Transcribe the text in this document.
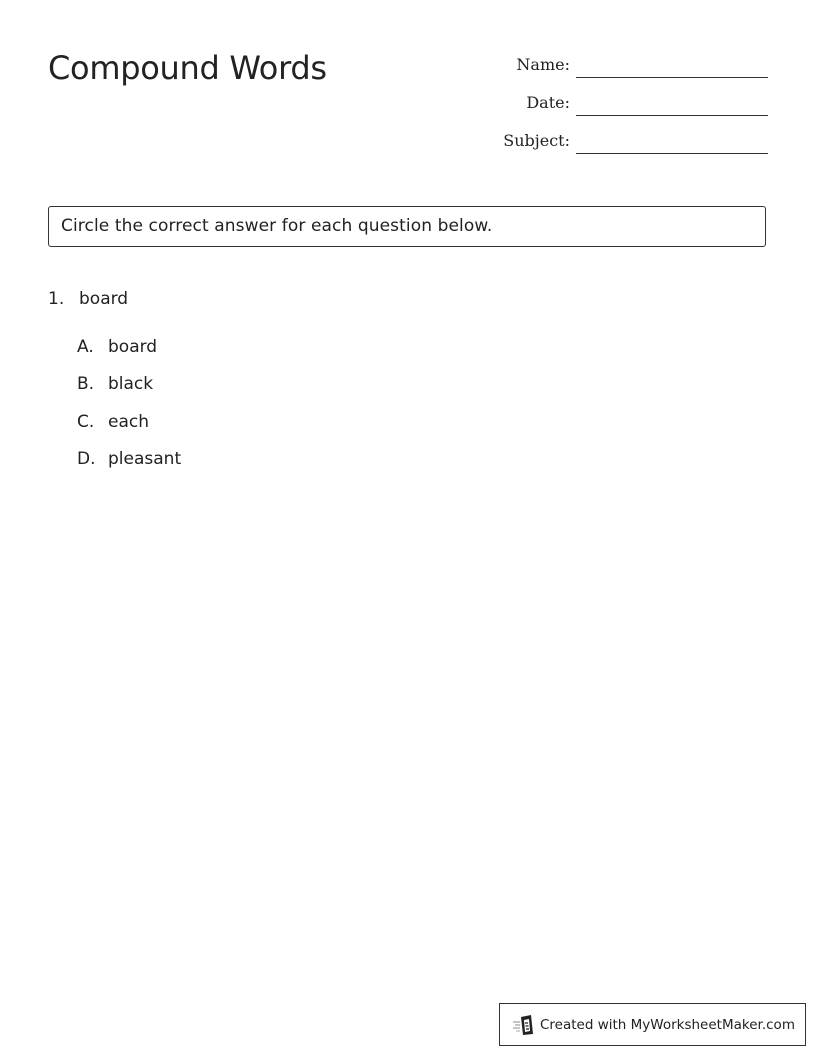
Compound Words	Name:
Date:
Subject:
Circle the correct answer for each question below.
1. board
A. board
B. black
C. each
D. pleasant
Created with MyWorksheetMaker.com
